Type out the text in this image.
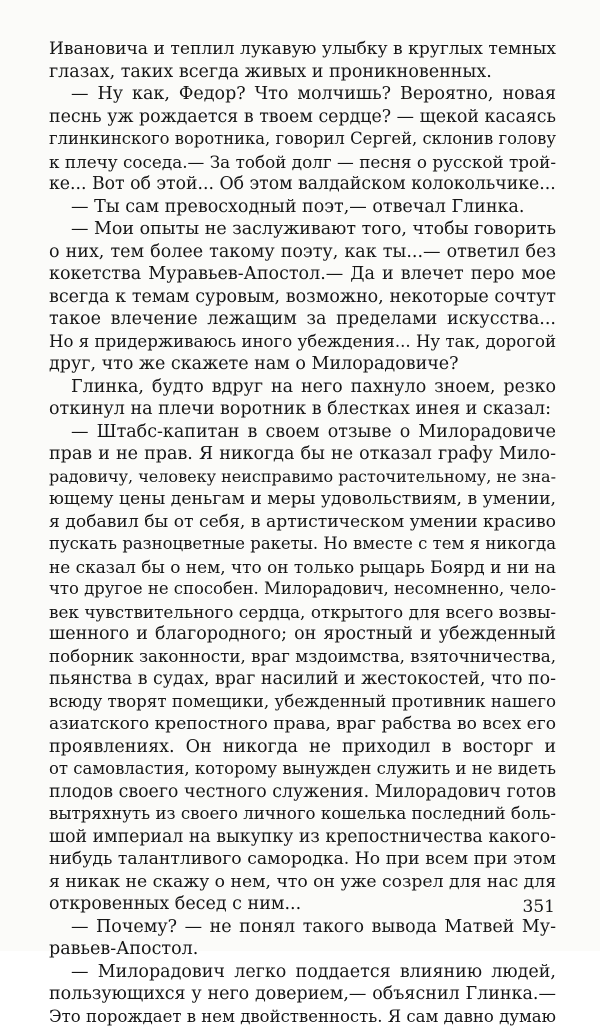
Ивановича и теплил лукавую улыбку в круглых темных
глазах, таких всегда живых и проникновенных.
— Ну как, Федор? Что молчишь? Вероятно, новая
песнь уж рождается в твоем сердце? — щекой касаясь
глинкинского воротника, говорил Сергей, склонив голову
к плечу соседа.— За тобой долг — песня о русской трой-
ке... Вот об этой... Об этом валдайском колокольчике...
— Ты сам превосходный поэт,— отвечал Глинка.
— Мои опыты не заслуживают того, чтобы говорить
о них, тем более такому поэту, как ты...— ответил без
кокетства Муравьев-Апостол.— Да и влечет перо мое
всегда к темам суровым, возможно, некоторые сочтут
такое влечение лежащим за пределами искусства...
Но я придерживаюсь иного убеждения... Ну так, дорогой
друг, что же скажете нам о Милорадовиче?
Глинка, будто вдруг на него пахнуло зноем, резко
откинул на плечи воротник в блестках инея и сказал:
— Штабс-капитан в своем отзыве о Милорадовиче
прав и не прав. Я никогда бы не отказал графу Мило-
радовичу, человеку неисправимо расточительному, не зна-
ющему цены деньгам и меры удовольствиям, в умении,
я добавил бы от себя, в артистическом умении красиво
пускать разноцветные ракеты. Но вместе с тем я никогда
не сказал бы о нем, что он только рыцарь Боярд и ни на
что другое не способен. Милорадович, несомненно, чело-
век чувствительного сердца, открытого для всего возвы-
шенного и благородного; он яростный и убежденный
поборник законности, враг мздоимства, взяточничества,
пьянства в судах, враг насилий и жестокостей, что по-
всюду творят помещики, убежденный противник нашего
азиатского крепостного права, враг рабства во всех его
проявлениях. Он никогда не приходил в восторг и
от самовластия, которому вынужден служить и не видеть
плодов своего честного служения. Милорадович готов
вытряхнуть из своего личного кошелька последний боль-
шой империал на выкупку из крепостничества какого-
нибудь талантливого самородка. Но при всем при этом
я никак не скажу о нем, что он уже созрел для нас для
откровенных бесед с ним...
— Почему? — не понял такого вывода Матвей Му-
равьев-Апостол.
— Милорадович легко поддается влиянию людей,
пользующихся у него доверием,— объяснил Глинка.—
Это порождает в нем двойственность. Я сам давно думаю
351
